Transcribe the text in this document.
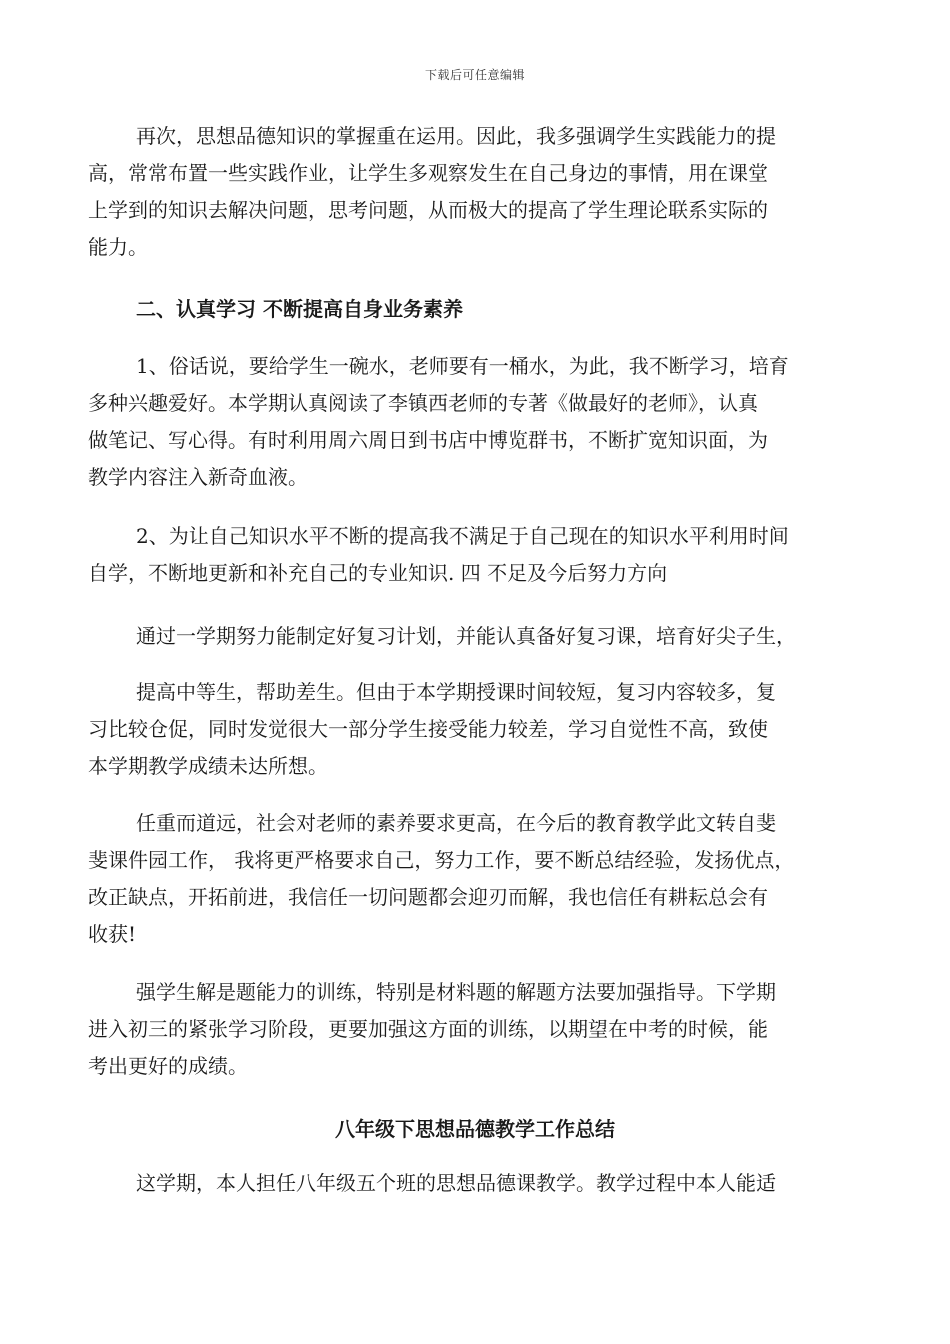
下载后可任意编辑
再次，思想品德知识的掌握重在运用。因此，我多强调学生实践能力的提
高，常常布置一些实践作业，让学生多观察发生在自己身边的事情，用在课堂
上学到的知识去解决问题，思考问题，从而极大的提高了学生理论联系实际的
能力。
二、认真学习 不断提高自身业务素养
1、俗话说，要给学生一碗水，老师要有一桶水，为此，我不断学习，培育
多种兴趣爱好。本学期认真阅读了李镇西老师的专著《做最好的老师》，认真
做笔记、写心得。有时利用周六周日到书店中博览群书，不断扩宽知识面，为
教学内容注入新奇血液。
2、为让自己知识水平不断的提高我不满足于自己现在的知识水平利用时间
自学，不断地更新和补充自己的专业知识. 四 不足及今后努力方向
通过一学期努力能制定好复习计划，并能认真备好复习课，培育好尖子生，
提高中等生，帮助差生。但由于本学期授课时间较短，复习内容较多，复
习比较仓促，同时发觉很大一部分学生接受能力较差，学习自觉性不高，致使
本学期教学成绩未达所想。
任重而道远，社会对老师的素养要求更高，在今后的教育教学此文转自斐
斐课件园工作， 我将更严格要求自己，努力工作，要不断总结经验，发扬优点，
改正缺点，开拓前进，我信任一切问题都会迎刃而解，我也信任有耕耘总会有
收获!
强学生解是题能力的训练，特别是材料题的解题方法要加强指导。下学期
进入初三的紧张学习阶段，更要加强这方面的训练，以期望在中考的时候，能
考出更好的成绩。
八年级下思想品德教学工作总结
这学期，本人担任八年级五个班的思想品德课教学。教学过程中本人能适
